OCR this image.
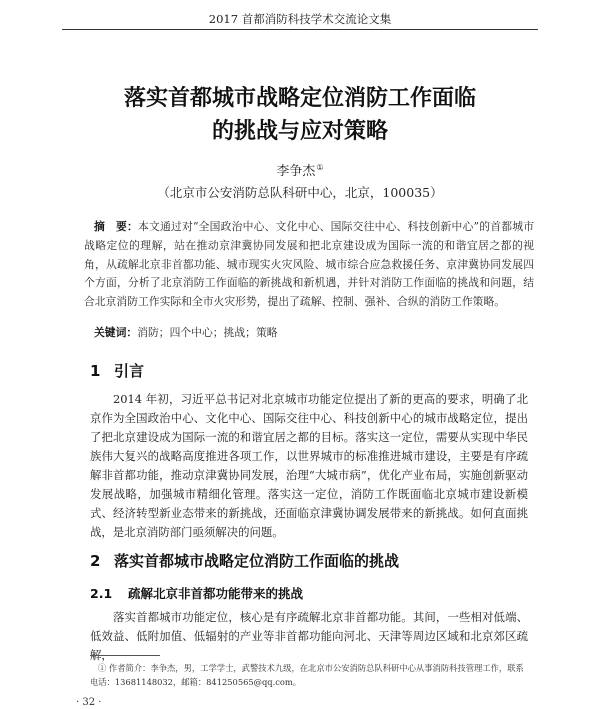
2017 首都消防科技学术交流论文集
落实首都城市战略定位消防工作面临
的挑战与应对策略
李争杰①
（北京市公安消防总队科研中心，北京，100035）
摘　要：本文通过对“全国政治中心、文化中心、国际交往中心、科技创新中心”的首都城市战略定位的理解，站在推动京津冀协同发展和把北京建设成为国际一流的和谐宜居之都的视角，从疏解北京非首都功能、城市现实火灾风险、城市综合应急救援任务、京津冀协同发展四个方面，分析了北京消防工作面临的新挑战和新机遇，并针对消防工作面临的挑战和问题，结合北京消防工作实际和全市火灾形势，提出了疏解、控制、强补、合纵的消防工作策略。
关键词：消防；四个中心；挑战；策略
1 引言

2014 年初，习近平总书记对北京城市功能定位提出了新的更高的要求，明确了北京作为全国政治中心、文化中心、国际交往中心、科技创新中心的城市战略定位，提出了把北京建设成为国际一流的和谐宜居之都的目标。落实这一定位，需要从实现中华民族伟大复兴的战略高度推进各项工作，以世界城市的标准推进城市建设，主要是有序疏解非首都功能，推动京津冀协同发展，治理“大城市病”，优化产业布局，实施创新驱动发展战略，加强城市精细化管理。落实这一定位，消防工作既面临北京城市建设新模式、经济转型新业态带来的新挑战，还面临京津冀协调发展带来的新挑战。如何直面挑战，是北京消防部门亟须解决的问题。

2 落实首都城市战略定位消防工作面临的挑战
2.1 疏解北京非首都功能带来的挑战

落实首都城市功能定位，核心是有序疏解北京非首都功能。其间，一些相对低端、低效益、低附加值、低辐射的产业等非首都功能向河北、天津等周边区域和北京郊区疏解，

① 作者简介：李争杰，男，工学学士，武警技术九级，在北京市公安消防总队科研中心从事消防科技管理工作，联系电话：13681148032，邮箱：841250565@qq.com。
· 32 ·
